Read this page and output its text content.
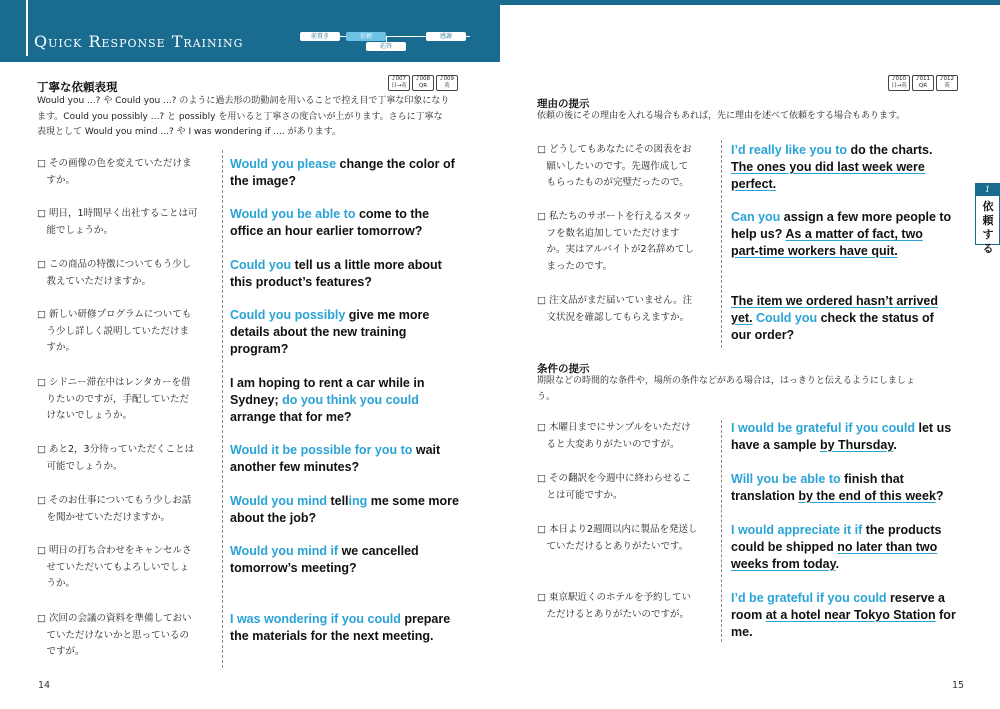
Quick Response Training	前置き	依頼	感謝
応答
丁寧な依頼表現
♪007
日→英
♪008
QR
♪009
英
Would you ...? や Could you ...? のように過去形の助動詞を用いることで控え目で丁寧な印象になり
ます。Could you possibly ...? と possibly を用いると丁寧さの度合いが上がります。さらに丁寧な
表現として Would you mind ...? や I was wondering if .... があります。
□ その画像の色を変えていただけま
　すか。
Would you please change the color of
the image?
□ 明日，1時間早く出社することは可
　能でしょうか。
Would you be able to come to the
office an hour earlier tomorrow?
□ この商品の特徴についてもう少し
　教えていただけますか。
Could you tell us a little more about
this product’s features?
□ 新しい研修プログラムについても
　う少し詳しく説明していただけま
　すか。
Could you possibly give me more
details about the new training
program?
□ シドニー滞在中はレンタカーを借
　りたいのですが，手配していただ
　けないでしょうか。
I am hoping to rent a car while in
Sydney; do you think you could
arrange that for me?
□ あと2，3分待っていただくことは
　可能でしょうか。
Would it be possible for you to wait
another few minutes?
□ そのお仕事についてもう少しお話
　を聞かせていただけますか。
Would you mind telling me some more
about the job?
□ 明日の打ち合わせをキャンセルさ
　せていただいてもよろしいでしょ
　うか。
Would you mind if we cancelled
tomorrow’s meeting?
□ 次回の会議の資料を準備しておい
　ていただけないかと思っているの
　ですが。
I was wondering if you could prepare
the materials for the next meeting.
14
♪010
日→英
♪011
QR
♪012
英
理由の提示
依頼の後にその理由を入れる場合もあれば，先に理由を述べて依頼をする場合もあります。
条件の提示
期限などの時間的な条件や，場所の条件などがある場合は，はっきりと伝えるようにしましょ
う。
□ どうしてもあなたにその図表をお
　願いしたいのです。先週作成して
　もらったものが完璧だったので。
I’d really like you to do the charts.
The ones you did last week were
perfect.
□ 私たちのサポートを行えるスタッ
　フを数名追加していただけます
　か。実はアルバイトが2名辞めてし
　まったのです。
Can you assign a few more people to
help us? As a matter of fact, two
part-time workers have quit.
□ 注文品がまだ届いていません。注
　文状況を確認してもらえますか。
The item we ordered hasn’t arrived
yet. Could you check the status of
our order?
□ 木曜日までにサンプルをいただけ
　ると大変ありがたいのですが。
I would be grateful if you could let us
have a sample by Thursday.
□ その翻訳を今週中に終わらせるこ
　とは可能ですか。
Will you be able to finish that
translation by the end of this week?
□ 本日より2週間以内に製品を発送し
　ていただけるとありがたいです。
I would appreciate it if the products
could be shipped no later than two
weeks from today.
□ 東京駅近くのホテルを予約してい
　ただけるとありがたいのですが。
I’d be grateful if you could reserve a
room at a hotel near Tokyo Station for
me.
1
依頼する
15
